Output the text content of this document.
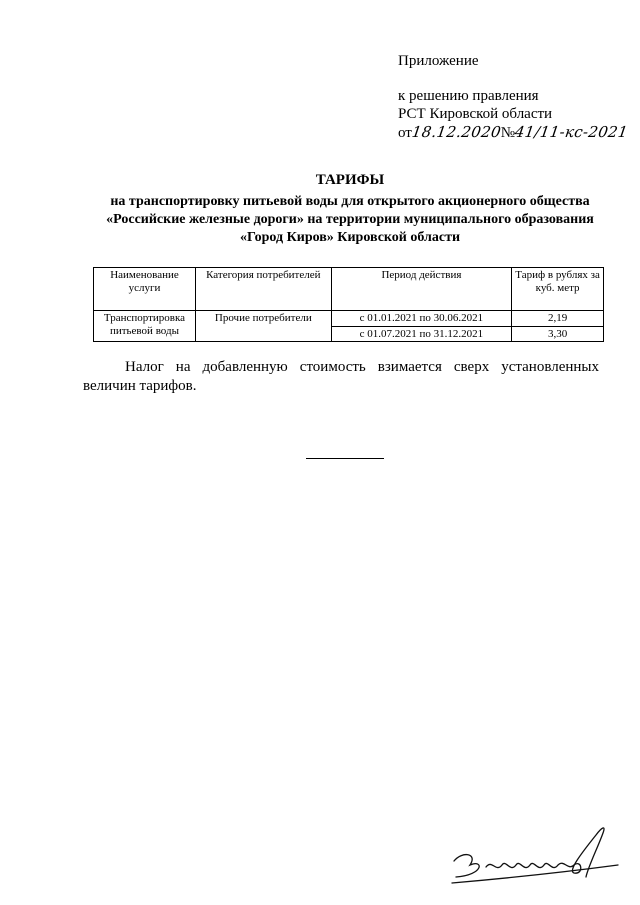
Приложение
к решению правления
РСТ Кировской области
от18.12.2020№41/11-кс-2021
ТАРИФЫ
на транспортировку питьевой воды для открытого акционерного общества «Российские железные дороги» на территории муниципального образования «Город Киров» Кировской области
Наименование услуги	Категория потребителей	Период действия	Тариф в рублях за куб. метр
Транспортировка питьевой воды	Прочие потребители	с 01.01.2021 по 30.06.2021	2,19
		с 01.07.2021 по 31.12.2021	3,30
Налог на добавленную стоимость взимается сверх установленных величин тарифов.
